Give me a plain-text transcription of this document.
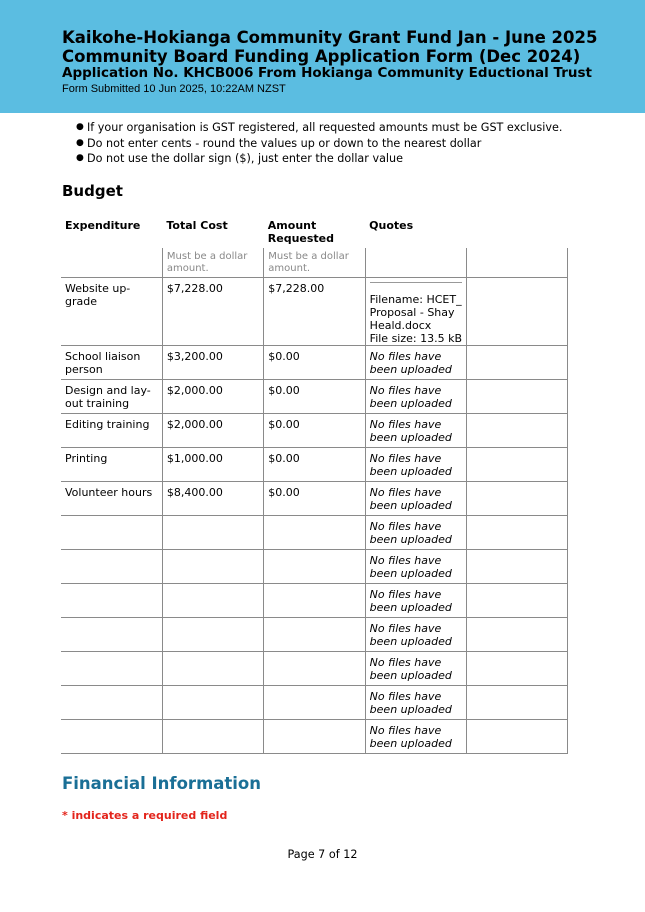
Kaikohe-Hokianga Community Grant Fund Jan - June 2025
Community Board Funding Application Form (Dec 2024)
Application No. KHCB006 From Hokianga Community Eductional Trust
Form Submitted 10 Jun 2025, 10:22AM NZST
● If your organisation is GST registered, all requested amounts must be GST exclusive.
● Do not enter cents - round the values up or down to the nearest dollar
● Do not use the dollar sign ($), just enter the dollar value
Budget
Expenditure	Total Cost	Amount Requested	Quotes	
	Must be a dollar amount.	Must be a dollar amount.		
Website up-grade	$7,228.00	$7,228.00	Filename: HCET_ Proposal - Shay Heald.docx
File size: 13.5 kB	

School liaison person	$3,200.00	$0.00	No files have been uploaded	

Design and lay-out training	$2,000.00	$0.00	No files have been uploaded	

Editing training	$2,000.00	$0.00	No files have been uploaded	

Printing	$1,000.00	$0.00	No files have been uploaded	

Volunteer hours	$8,400.00	$0.00	No files have been uploaded	

			No files have been uploaded	

			No files have been uploaded	

			No files have been uploaded	

			No files have been uploaded	

			No files have been uploaded	

			No files have been uploaded	

			No files have been uploaded	

Financial Information
* indicates a required field
Page 7 of 12
